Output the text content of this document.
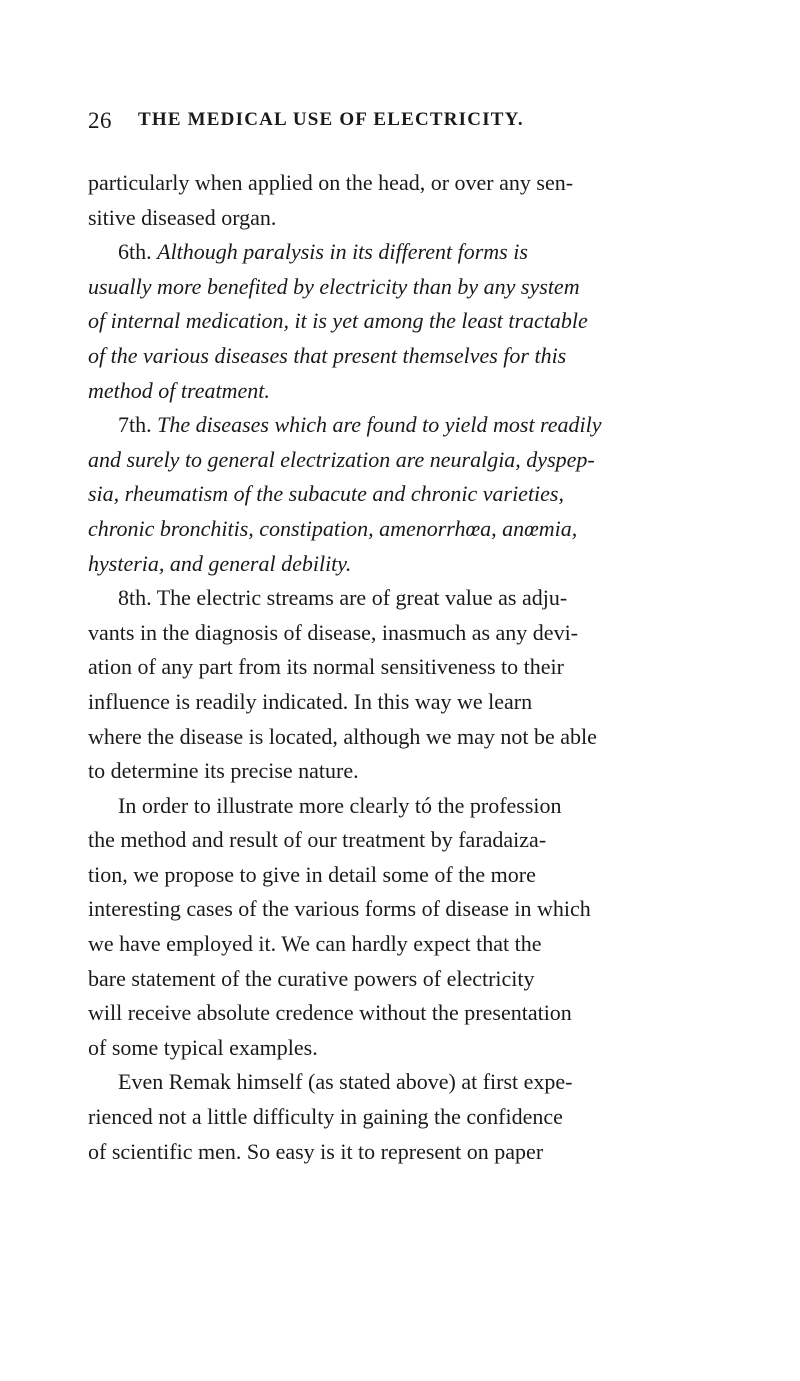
26 THE MEDICAL USE OF ELECTRICITY.

particularly when applied on the head, or over any sen-
sitive diseased organ.

6th. Although paralysis in its different forms is
usually more benefited by electricity than by any system
of internal medication, it is yet among the least tractable
of the various diseases that present themselves for this
method of treatment.

7th. The diseases which are found to yield most readily
and surely to general electrization are neuralgia, dyspep-
sia, rheumatism of the subacute and chronic varieties,
chronic bronchitis, constipation, amenorrhœa, anœmia,
hysteria, and general debility.

8th. The electric streams are of great value as adju-
vants in the diagnosis of disease, inasmuch as any devi-
ation of any part from its normal sensitiveness to their
influence is readily indicated. In this way we learn
where the disease is located, although we may not be able
to determine its precise nature.

In order to illustrate more clearly tó the profession
the method and result of our treatment by faradaiza-
tion, we propose to give in detail some of the more
interesting cases of the various forms of disease in which
we have employed it. We can hardly expect that the
bare statement of the curative powers of electricity
will receive absolute credence without the presentation
of some typical examples.

Even Remak himself (as stated above) at first expe-
rienced not a little difficulty in gaining the confidence
of scientific men. So easy is it to represent on paper
